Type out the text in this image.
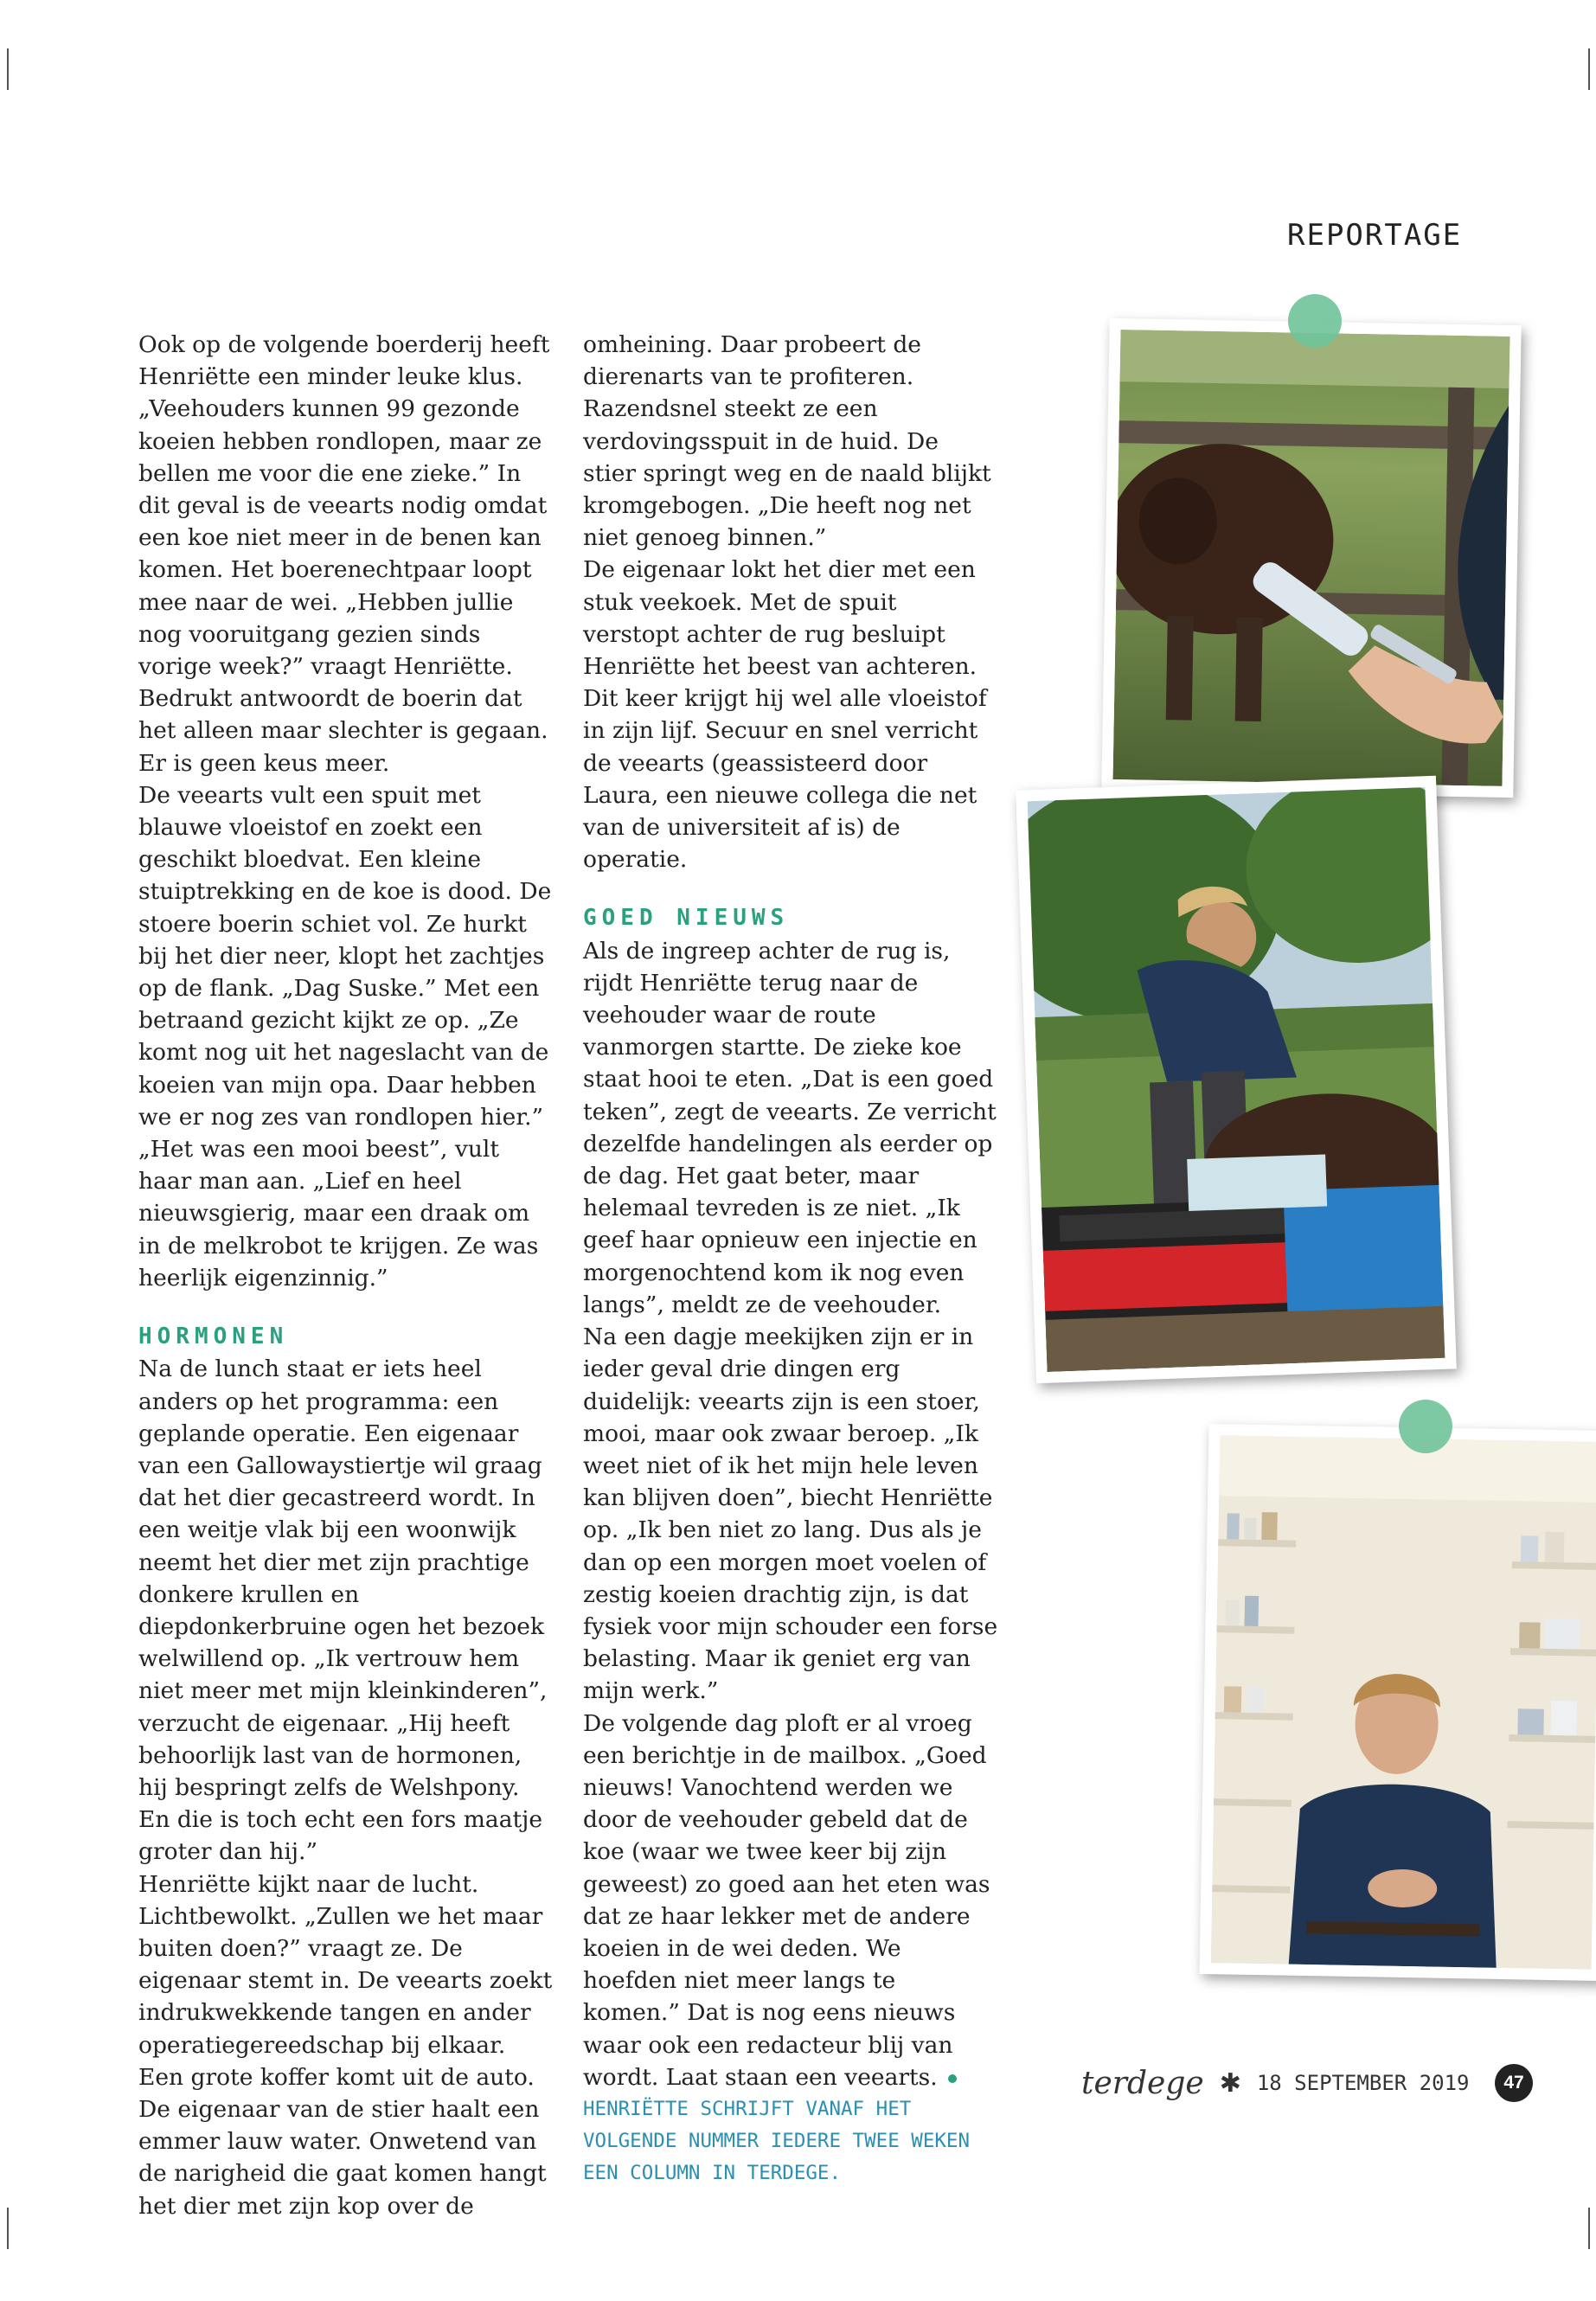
REPORTAGE

Ook op de volgende boerderij heeft Henriëtte een minder leuke klus. „Veehouders kunnen 99 gezonde koeien hebben rondlopen, maar ze bellen me voor die ene zieke.” In dit geval is de veearts nodig omdat een koe niet meer in de benen kan komen. Het boerenechtpaar loopt mee naar de wei. „Hebben jullie nog vooruitgang gezien sinds vorige week?” vraagt Henriëtte. Bedrukt antwoordt de boerin dat het alleen maar slechter is gegaan. Er is geen keus meer.

De veearts vult een spuit met blauwe vloeistof en zoekt een geschikt bloedvat. Een kleine stuiptrekking en de koe is dood. De stoere boerin schiet vol. Ze hurkt bij het dier neer, klopt het zachtjes op de flank. „Dag Suske.” Met een betraand gezicht kijkt ze op. „Ze komt nog uit het nageslacht van de koeien van mijn opa. Daar hebben we er nog zes van rondlopen hier.”

„Het was een mooi beest”, vult haar man aan. „Lief en heel nieuwsgierig, maar een draak om in de melkrobot te krijgen. Ze was heerlijk eigenzinnig.”

HORMONEN

Na de lunch staat er iets heel anders op het programma: een geplande operatie. Een eigenaar van een Gallowaystiertje wil graag dat het dier gecastreerd wordt. In een weitje vlak bij een woonwijk neemt het dier met zijn prachtige donkere krullen en diepdonkerbruine ogen het bezoek welwillend op. „Ik vertrouw hem niet meer met mijn kleinkinderen”, verzucht de eigenaar. „Hij heeft behoorlijk last van de hormonen, hij bespringt zelfs de Welshpony. En die is toch echt een fors maatje groter dan hij.”

Henriëtte kijkt naar de lucht. Lichtbewolkt. „Zullen we het maar buiten doen?” vraagt ze. De eigenaar stemt in. De veearts zoekt indrukwekkende tangen en ander operatiegereedschap bij elkaar. Een grote koffer komt uit de auto. De eigenaar van de stier haalt een emmer lauw water. Onwetend van de narigheid die gaat komen hangt het dier met zijn kop over de

omheining. Daar probeert de dierenarts van te profiteren. Razendsnel steekt ze een verdovingsspuit in de huid. De stier springt weg en de naald blijkt kromgebogen. „Die heeft nog net niet genoeg binnen.”

De eigenaar lokt het dier met een stuk veekoek. Met de spuit verstopt achter de rug besluipt Henriëtte het beest van achteren. Dit keer krijgt hij wel alle vloeistof in zijn lijf. Secuur en snel verricht de veearts (geassisteerd door Laura, een nieuwe collega die net van de universiteit af is) de operatie.

GOED NIEUWS

Als de ingreep achter de rug is, rijdt Henriëtte terug naar de veehouder waar de route vanmorgen startte. De zieke koe staat hooi te eten. „Dat is een goed teken”, zegt de veearts. Ze verricht dezelfde handelingen als eerder op de dag. Het gaat beter, maar helemaal tevreden is ze niet. „Ik geef haar opnieuw een injectie en morgenochtend kom ik nog even langs”, meldt ze de veehouder.

Na een dagje meekijken zijn er in ieder geval drie dingen erg duidelijk: veearts zijn is een stoer, mooi, maar ook zwaar beroep. „Ik weet niet of ik het mijn hele leven kan blijven doen”, biecht Henriëtte op. „Ik ben niet zo lang. Dus als je dan op een morgen moet voelen of zestig koeien drachtig zijn, is dat fysiek voor mijn schouder een forse belasting. Maar ik geniet erg van mijn werk.”

De volgende dag ploft er al vroeg een berichtje in de mailbox. „Goed nieuws! Vanochtend werden we door de veehouder gebeld dat de koe (waar we twee keer bij zijn geweest) zo goed aan het eten was dat ze haar lekker met de andere koeien in de wei deden. We hoefden niet meer langs te komen.” Dat is nog eens nieuws waar ook een redacteur blij van wordt. Laat staan een veearts.

HENRIËTTE SCHRIJFT VANAF HET VOLGENDE NUMMER IEDERE TWEE WEKEN EEN COLUMN IN TERDEGE.

terdege ✱ 18 SEPTEMBER 2019	47
